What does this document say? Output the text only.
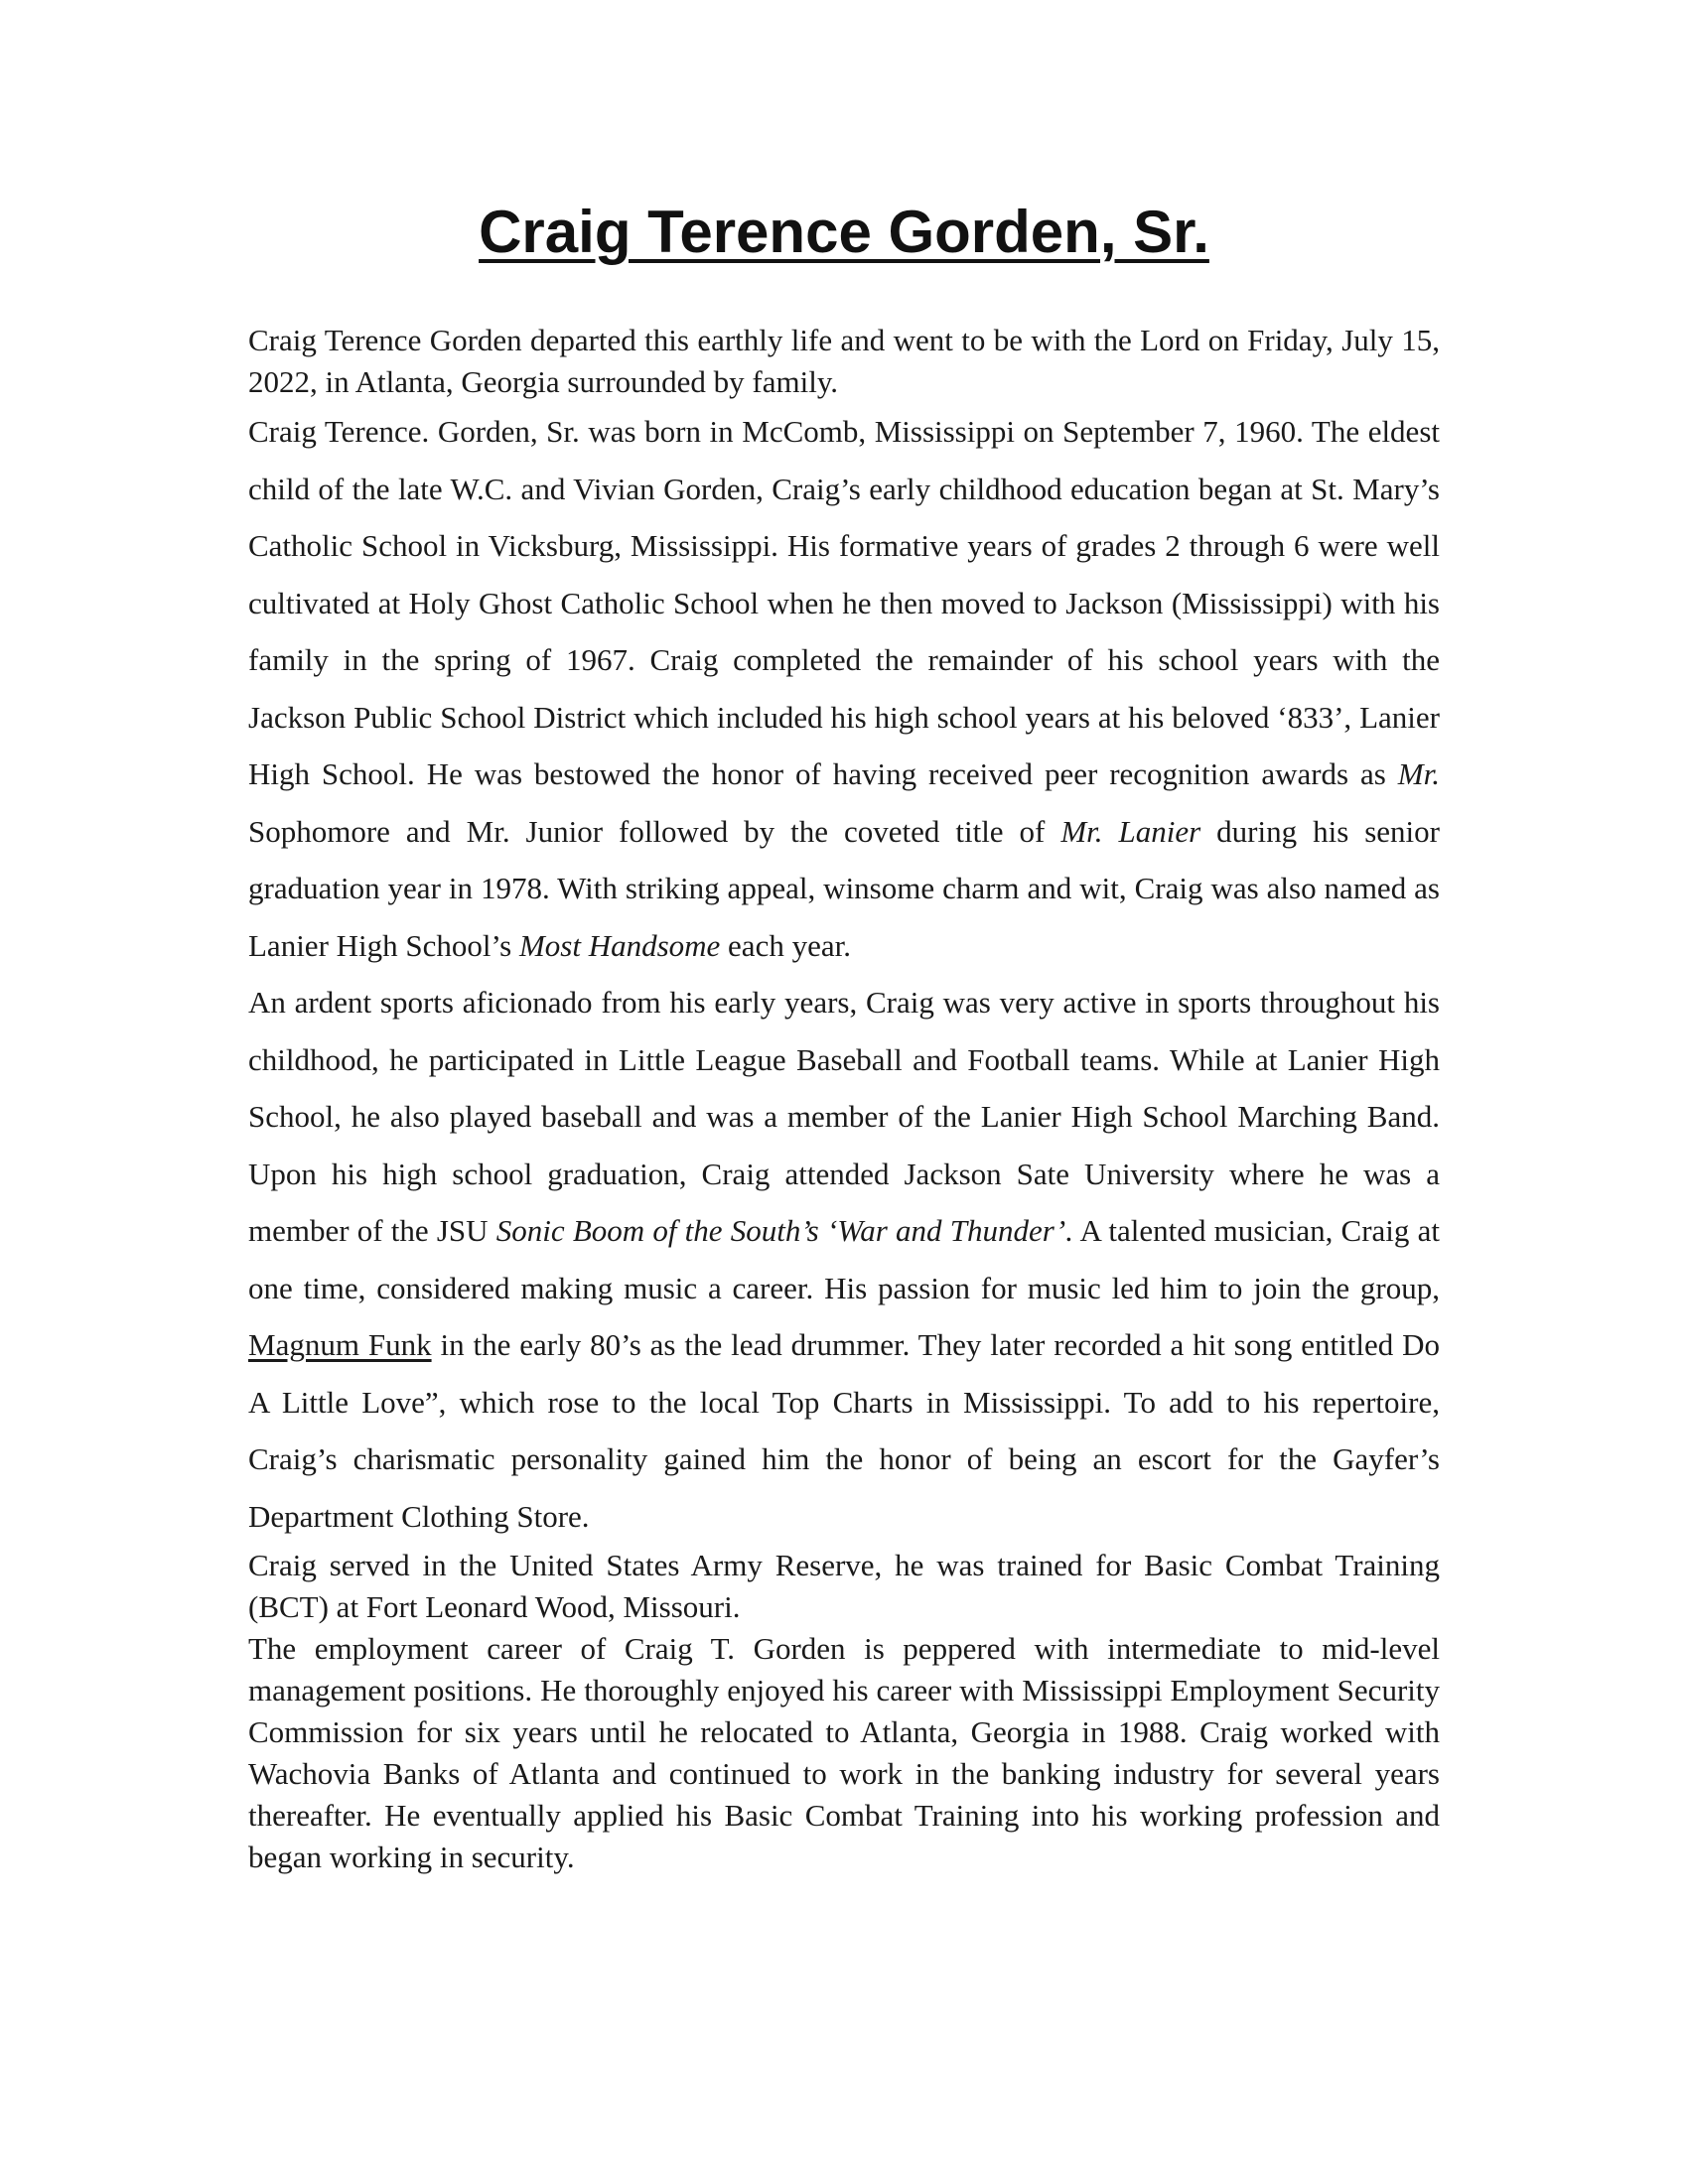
Craig Terence Gorden, Sr.

Craig Terence Gorden departed this earthly life and went to be with the Lord on Friday, July 15, 2022, in Atlanta, Georgia surrounded by family.

Craig Terence. Gorden, Sr. was born in McComb, Mississippi on September 7, 1960. The eldest child of the late W.C. and Vivian Gorden, Craig’s early childhood education began at St. Mary’s Catholic School in Vicksburg, Mississippi. His formative years of grades 2 through 6 were well cultivated at Holy Ghost Catholic School when he then moved to Jackson (Mississippi) with his family in the spring of 1967. Craig completed the remainder of his school years with the Jackson Public School District which included his high school years at his beloved ‘833’, Lanier High School. He was bestowed the honor of having received peer recognition awards as Mr. Sophomore and Mr. Junior followed by the coveted title of Mr. Lanier during his senior graduation year in 1978. With striking appeal, winsome charm and wit, Craig was also named as Lanier High School’s Most Handsome each year.

An ardent sports aficionado from his early years, Craig was very active in sports throughout his childhood, he participated in Little League Baseball and Football teams. While at Lanier High School, he also played baseball and was a member of the Lanier High School Marching Band. Upon his high school graduation, Craig attended Jackson Sate University where he was a member of the JSU Sonic Boom of the South’s ‘War and Thunder’. A talented musician, Craig at one time, considered making music a career. His passion for music led him to join the group, Magnum Funk in the early 80’s as the lead drummer. They later recorded a hit song entitled Do A Little Love”, which rose to the local Top Charts in Mississippi. To add to his repertoire, Craig’s charismatic personality gained him the honor of being an escort for the Gayfer’s Department Clothing Store.

Craig served in the United States Army Reserve, he was trained for Basic Combat Training (BCT) at Fort Leonard Wood, Missouri.

The employment career of Craig T. Gorden is peppered with intermediate to mid-level management positions. He thoroughly enjoyed his career with Mississippi Employment Security Commission for six years until he relocated to Atlanta, Georgia in 1988. Craig worked with Wachovia Banks of Atlanta and continued to work in the banking industry for several years thereafter. He eventually applied his Basic Combat Training into his working profession and began working in security.
